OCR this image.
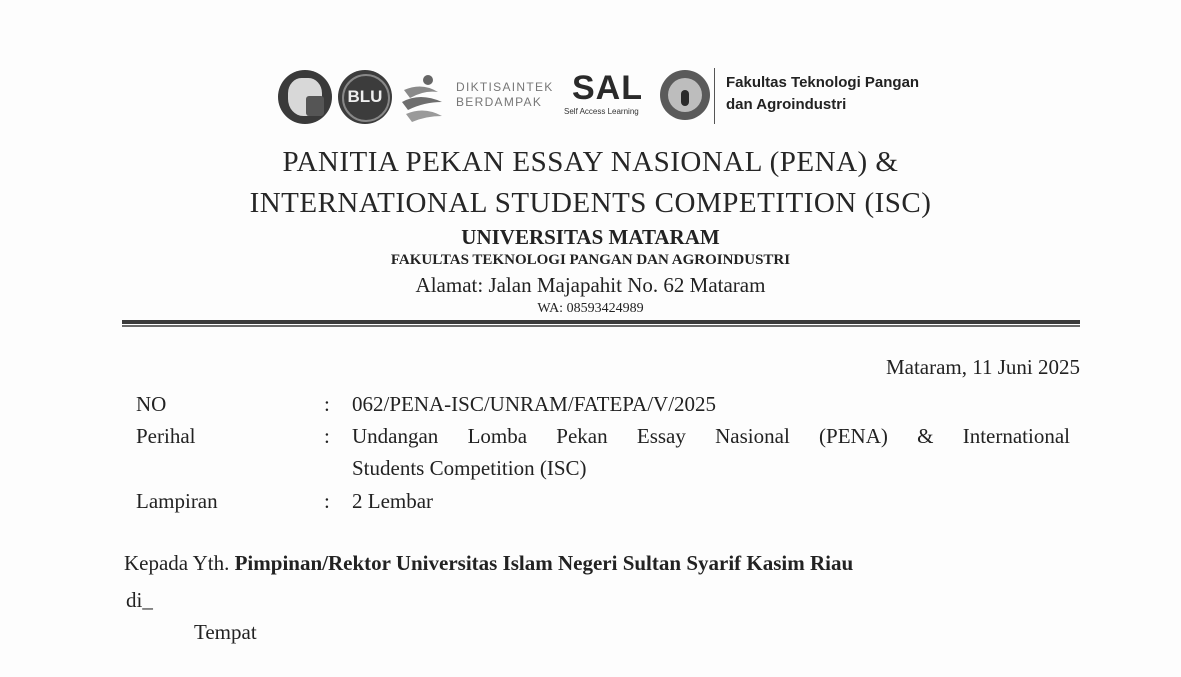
BLU	DIKTISAINTEK
BERDAMPAK SAL
Self Access Learning
Fakultas Teknologi Pangan
dan Agroindustri
PANITIA PEKAN ESSAY NASIONAL (PENA) &
INTERNATIONAL STUDENTS COMPETITION (ISC)
UNIVERSITAS MATARAM
FAKULTAS TEKNOLOGI PANGAN DAN AGROINDUSTRI
Alamat: Jalan Majapahit No. 62 Mataram
WA: 08593424989
Mataram, 11 Juni 2025
NO	: 062/PENA-ISC/UNRAM/FATEPA/V/2025
Perihal	: Undangan Lomba Pekan Essay Nasional (PENA) & International
Students Competition (ISC)
Lampiran	: 2 Lembar
Kepada Yth. Pimpinan/Rektor Universitas Islam Negeri Sultan Syarif Kasim Riau
di_
Tempat
